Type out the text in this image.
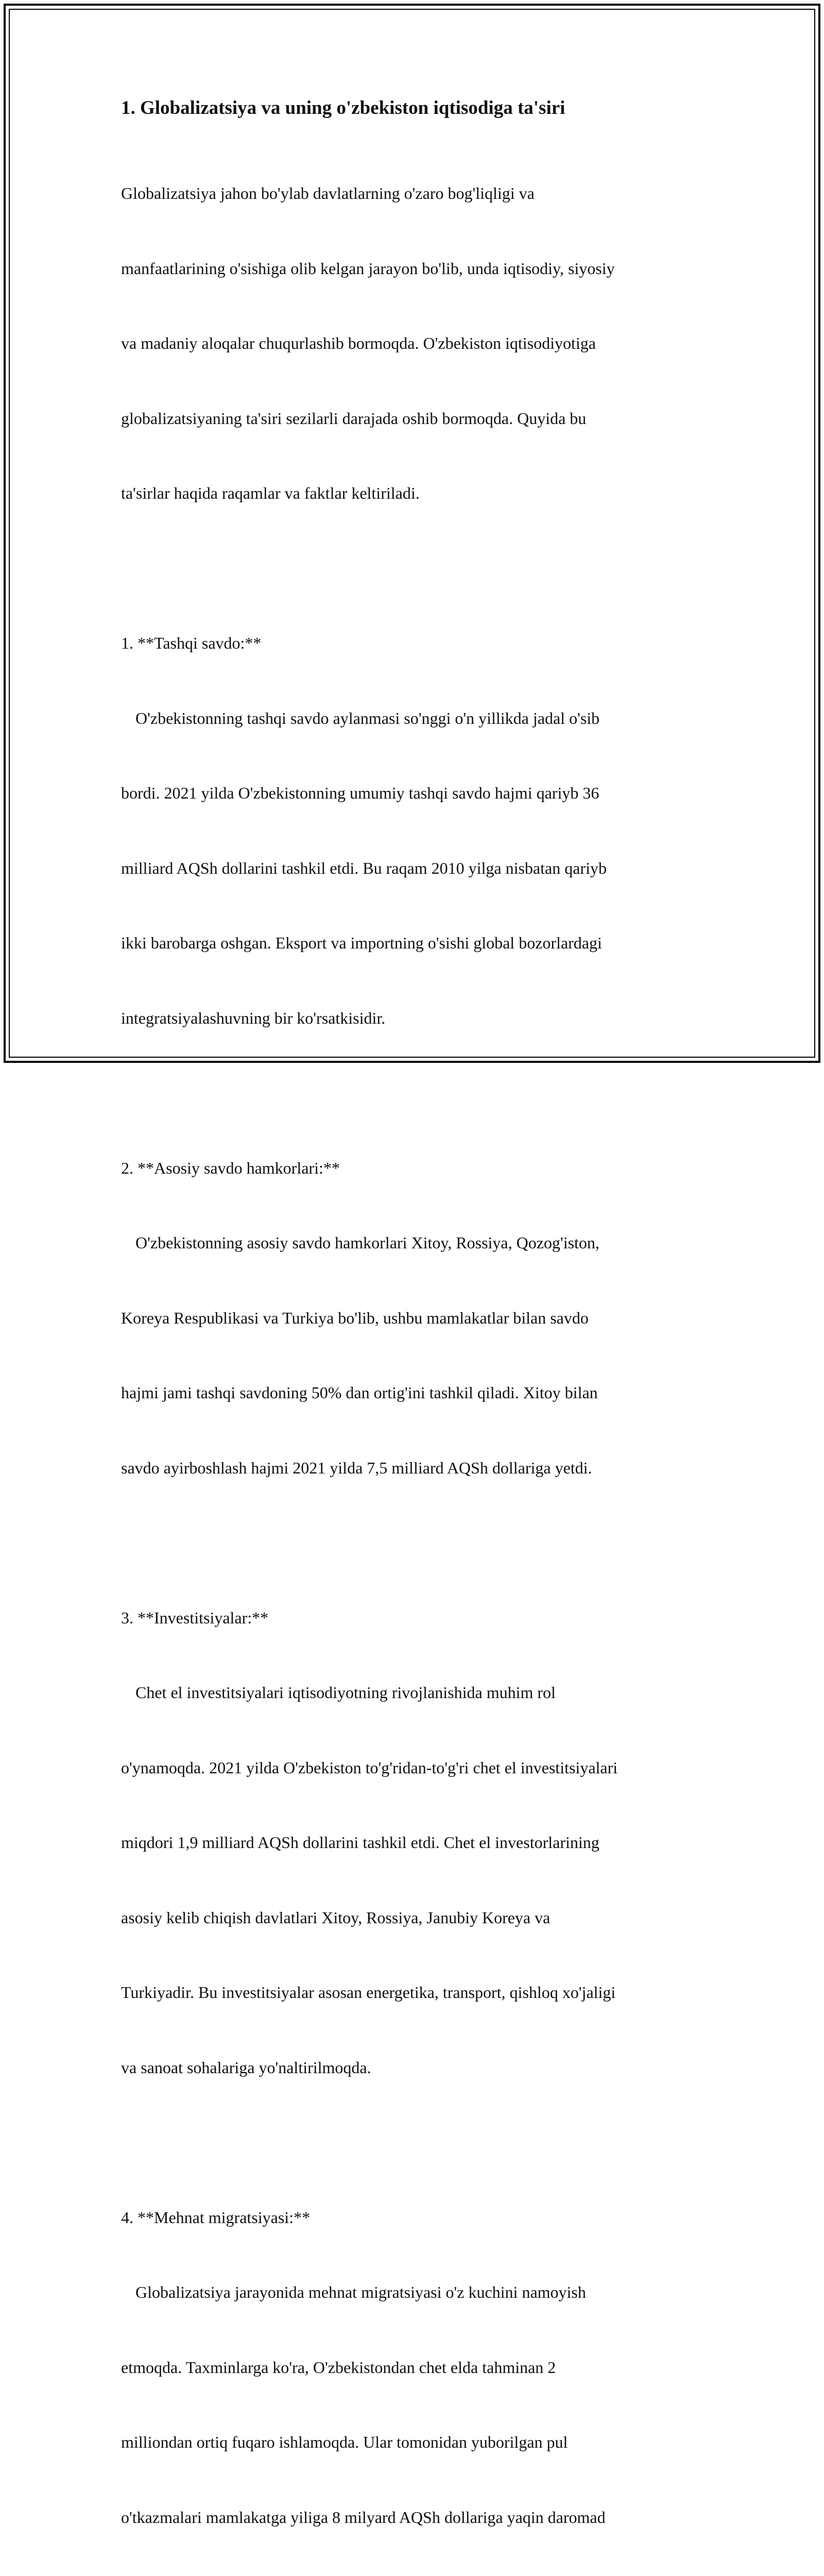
1. Globalizatsiya va uning o'zbekiston iqtisodiga ta'siri

Globalizatsiya jahon bo'ylab davlatlarning o'zaro bog'liqligi va

manfaatlarining o'sishiga olib kelgan jarayon bo'lib, unda iqtisodiy, siyosiy

va madaniy aloqalar chuqurlashib bormoqda. O'zbekiston iqtisodiyotiga

globalizatsiyaning ta'siri sezilarli darajada oshib bormoqda. Quyida bu

ta'sirlar haqida raqamlar va faktlar keltiriladi.

1. **Tashqi savdo:**

O'zbekistonning tashqi savdo aylanmasi so'nggi o'n yillikda jadal o'sib

bordi. 2021 yilda O'zbekistonning umumiy tashqi savdo hajmi qariyb 36

milliard AQSh dollarini tashkil etdi. Bu raqam 2010 yilga nisbatan qariyb

ikki barobarga oshgan. Eksport va importning o'sishi global bozorlardagi

integratsiyalashuvning bir ko'rsatkisidir.

2. **Asosiy savdo hamkorlari:**

O'zbekistonning asosiy savdo hamkorlari Xitoy, Rossiya, Qozog'iston,

Koreya Respublikasi va Turkiya bo'lib, ushbu mamlakatlar bilan savdo

hajmi jami tashqi savdoning 50% dan ortig'ini tashkil qiladi. Xitoy bilan

savdo ayirboshlash hajmi 2021 yilda 7,5 milliard AQSh dollariga yetdi.

3. **Investitsiyalar:**

Chet el investitsiyalari iqtisodiyotning rivojlanishida muhim rol

o'ynamoqda. 2021 yilda O'zbekiston to'g'ridan-to'g'ri chet el investitsiyalari

miqdori 1,9 milliard AQSh dollarini tashkil etdi. Chet el investorlarining

asosiy kelib chiqish davlatlari Xitoy, Rossiya, Janubiy Koreya va

Turkiyadir. Bu investitsiyalar asosan energetika, transport, qishloq xo'jaligi

va sanoat sohalariga yo'naltirilmoqda.

4. **Mehnat migratsiyasi:**

Globalizatsiya jarayonida mehnat migratsiyasi o'z kuchini namoyish

etmoqda. Taxminlarga ko'ra, O'zbekistondan chet elda tahminan 2

milliondan ortiq fuqaro ishlamoqda. Ular tomonidan yuborilgan pul

o'tkazmalari mamlakatga yiliga 8 milyard AQSh dollariga yaqin daromad
